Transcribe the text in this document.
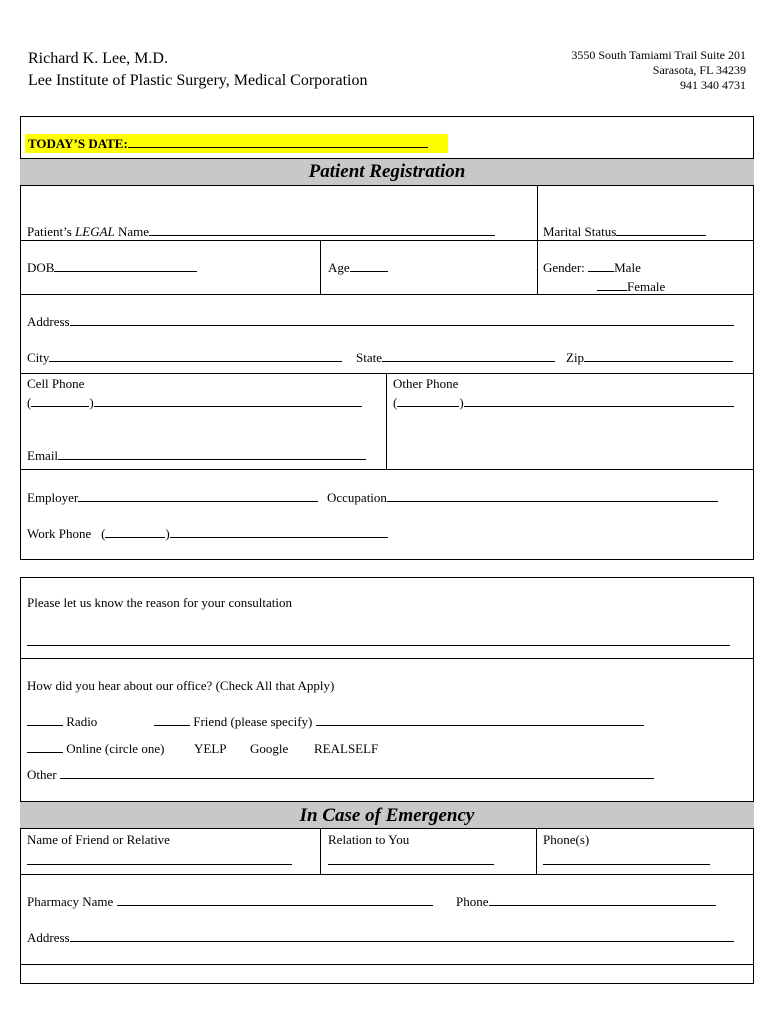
Richard K. Lee, M.D.
Lee Institute of Plastic Surgery, Medical Corporation
3550 South Tamiami Trail Suite 201
Sarasota, FL 34239
941 340 4731
TODAY’S DATE:
Patient Registration
Patient’s LEGAL Name	Marital Status
DOB	Age	Gender: Male
Female
Address
City	State	Zip
Cell Phone
(	)
Other Phone
(	)
Email
Employer	Occupation
Work Phone (	)
Please let us know the reason for your consultation
How did you hear about our office? (Check All that Apply)
Radio	Friend (please specify)
Online (circle one) YELP Google REALSELF
Other
In Case of Emergency
Name of Friend or Relative	Relation to You	Phone(s)
Pharmacy Name	Phone
Address
